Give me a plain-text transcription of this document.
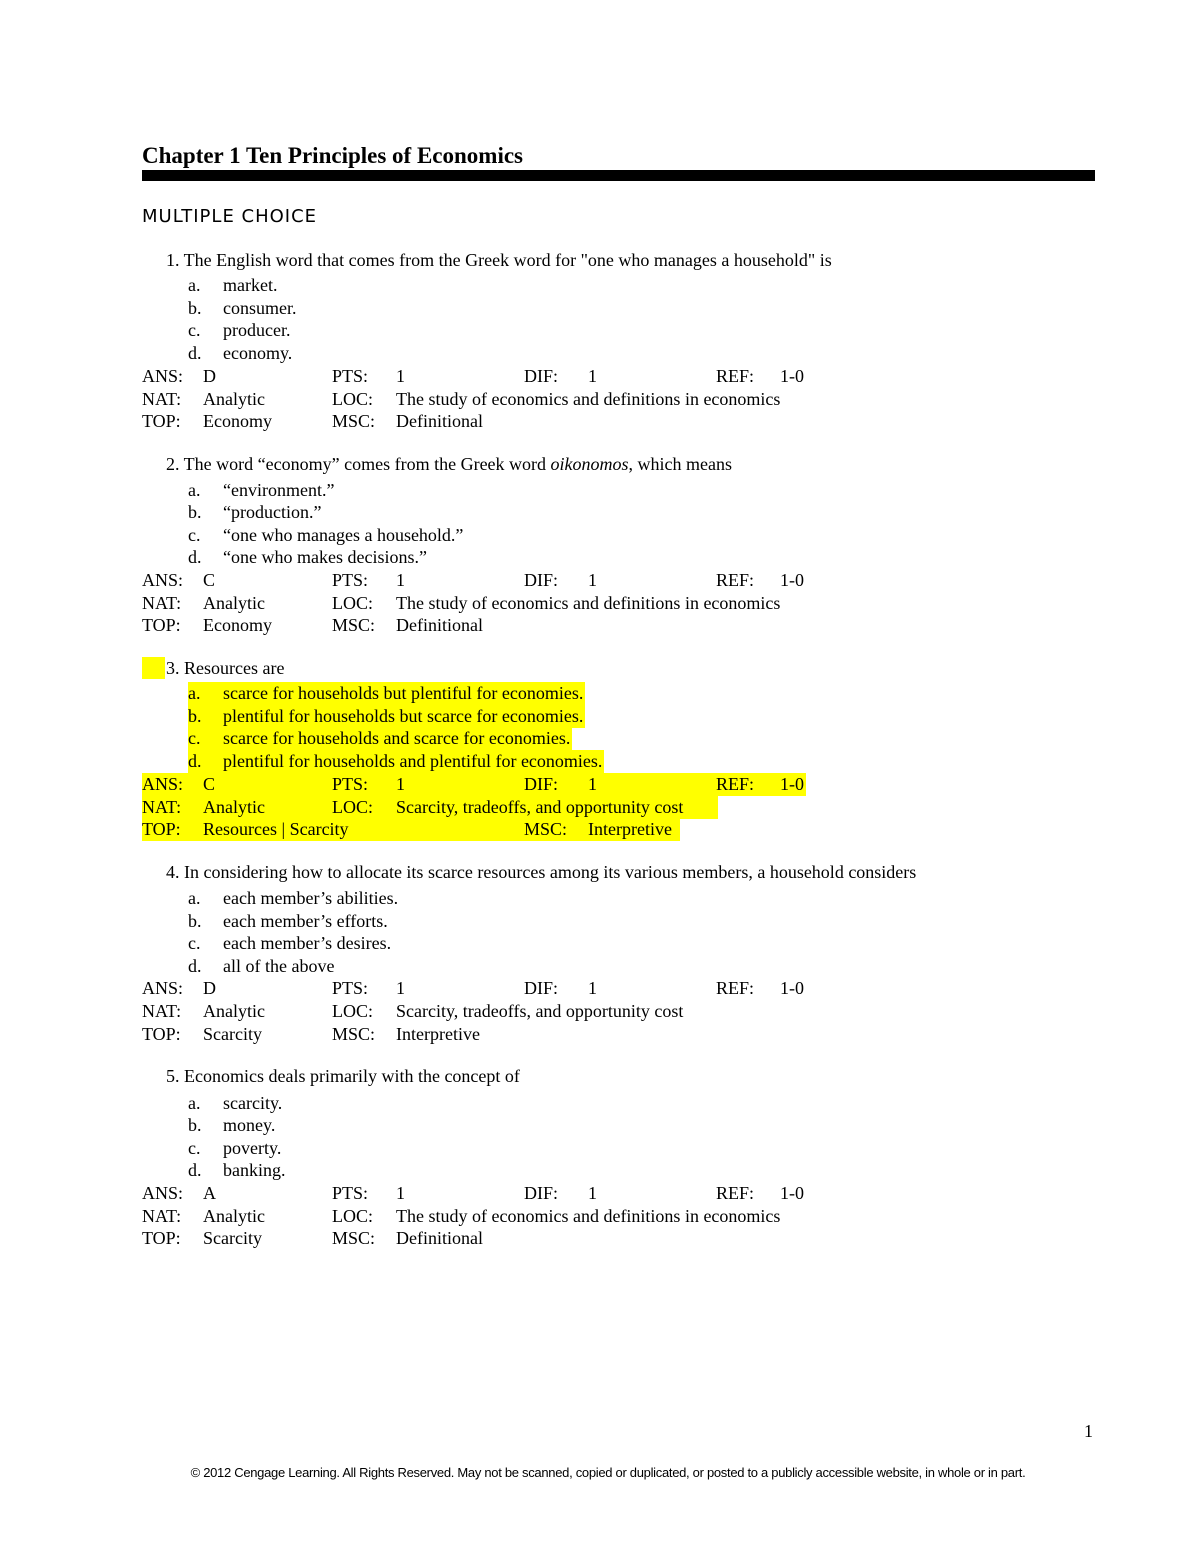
Chapter 1 Ten Principles of Economics
MULTIPLE CHOICE
1. The English word that comes from the Greek word for "one who manages a household" is
a. market.
b. consumer.
c. producer.
d. economy.
ANS: D	PTS: 1	DIF: 1	REF: 1-0
NAT: Analytic	LOC: The study of economics and definitions in economics
TOP: Economy	MSC: Definitional
2. The word “economy” comes from the Greek word oikonomos, which means
a. “environment.”
b. “production.”
c. “one who manages a household.”
d. “one who makes decisions.”
ANS: C	PTS: 1	DIF: 1	REF: 1-0
NAT: Analytic	LOC: The study of economics and definitions in economics
TOP: Economy	MSC: Definitional
3. Resources are
a. scarce for households but plentiful for economies.
b. plentiful for households but scarce for economies.
c. scarce for households and scarce for economies.
d. plentiful for households and plentiful for economies.
ANS: C	PTS: 1	DIF: 1	REF: 1-0
NAT: Analytic	LOC: Scarcity, tradeoffs, and opportunity cost
TOP: Resources | Scarcity	MSC: Interpretive
4. In considering how to allocate its scarce resources among its various members, a household considers
a. each member’s abilities.
b. each member’s efforts.
c. each member’s desires.
d. all of the above
ANS: D	PTS: 1	DIF: 1	REF: 1-0
NAT: Analytic	LOC: Scarcity, tradeoffs, and opportunity cost
TOP: Scarcity	MSC: Interpretive
5. Economics deals primarily with the concept of
a. scarcity.
b. money.
c. poverty.
d. banking.
ANS: A	PTS: 1	DIF: 1	REF: 1-0
NAT: Analytic	LOC: The study of economics and definitions in economics
TOP: Scarcity	MSC: Definitional
1
© 2012 Cengage Learning. All Rights Reserved. May not be scanned, copied or duplicated, or posted to a publicly accessible website, in whole or in part.
